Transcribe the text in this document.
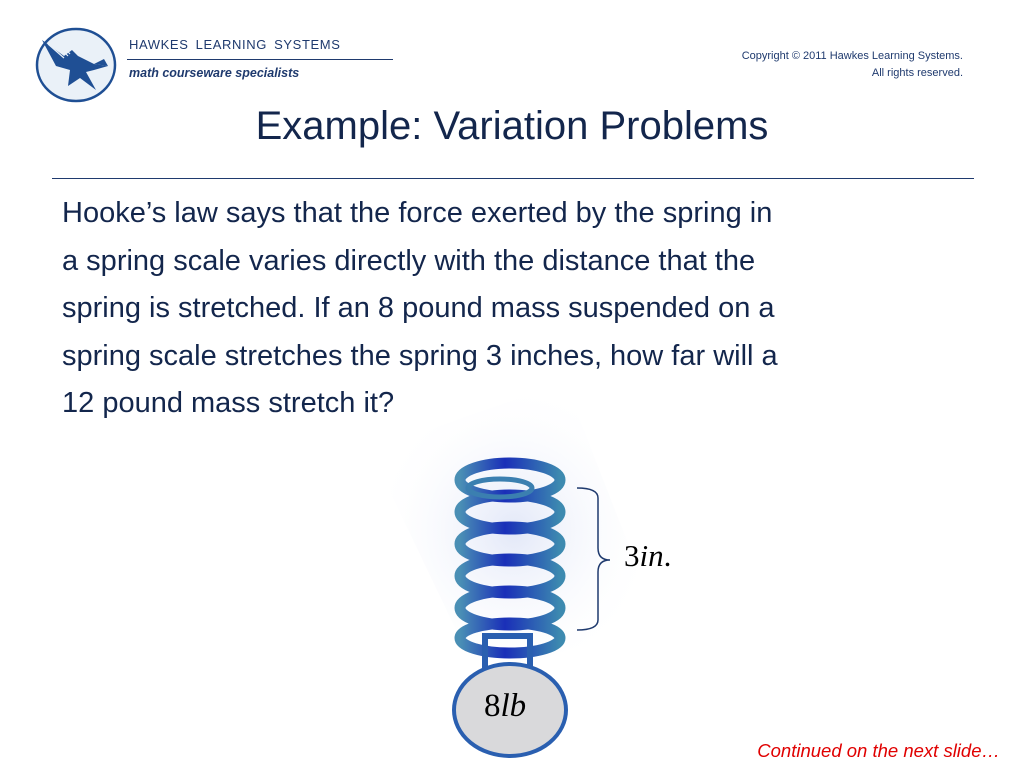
HAWKES LEARNING SYSTEMS
math courseware specialists
Copyright © 2011 Hawkes Learning Systems.
All rights reserved.
Example: Variation Problems
Hooke’s law says that the force exerted by the spring in
a spring scale varies directly with the distance that the
spring is stretched. If an 8 pound mass suspended on a
spring scale stretches the spring 3 inches, how far will a
12 pound mass stretch it?
3in.
8lb
Continued on the next slide…
